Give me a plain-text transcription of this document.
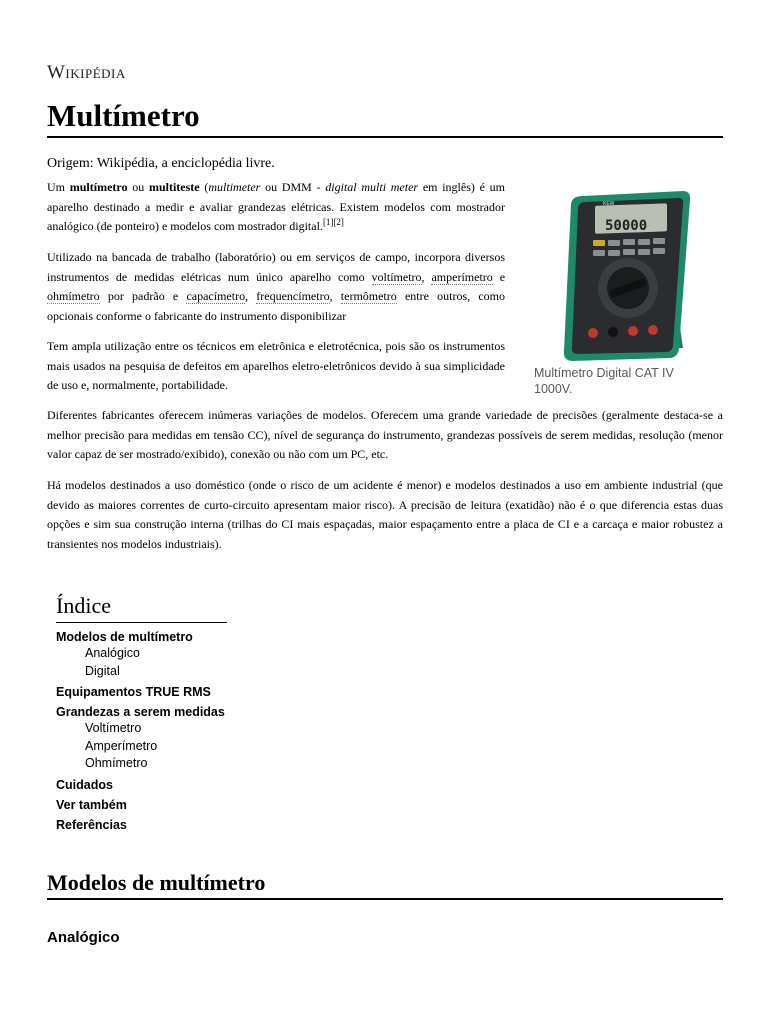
Wikipédia
Multímetro
Origem: Wikipédia, a enciclopédia livre.

Um multímetro ou multiteste (multimeter ou DMM - digital multi meter em inglês) é um aparelho destinado a medir e avaliar grandezas elétricas. Existem modelos com mostrador analógico (de ponteiro) e modelos com mostrador digital.[1][2]

Utilizado na bancada de trabalho (laboratório) ou em serviços de campo, incorpora diversos instrumentos de medidas elétricas num único aparelho como voltímetro, amperímetro e ohmímetro por padrão e capacímetro, frequencímetro, termômetro entre outros, como opcionais conforme o fabricante do instrumento disponibilizar

Tem ampla utilização entre os técnicos em eletrônica e eletrotécnica, pois são os instrumentos mais usados na pesquisa de defeitos em aparelhos eletro-eletrônicos devido à sua simplicidade de uso e, normalmente, portabilidade.

Diferentes fabricantes oferecem inúmeras variações de modelos. Oferecem uma grande variedade de precisões (geralmente destaca-se a melhor precisão para medidas em tensão CC), nível de segurança do instrumento, grandezas possíveis de serem medidas, resolução (menor valor capaz de ser mostrado/exibido), conexão ou não com um PC, etc.

Há modelos destinados a uso doméstico (onde o risco de um acidente é menor) e modelos destinados a uso em ambiente industrial (que devido as maiores correntes de curto-circuito apresentam maior risco). A precisão de leitura (exatidão) não é o que diferencia estas duas opções e sim sua construção interna (trilhas do CI mais espaçadas, maior espaçamento entre a placa de CI e a carcaça e maior robustez a transientes nos modelos industriais).

50000
KEW
Multímetro Digital CAT IV 1000V.
Índice
Modelos de multímetro
Analógico
Digital
Equipamentos TRUE RMS
Grandezas a serem medidas
Voltímetro
Amperímetro
Ohmímetro
Cuidados
Ver também
Referências
Modelos de multímetro
Analógico
